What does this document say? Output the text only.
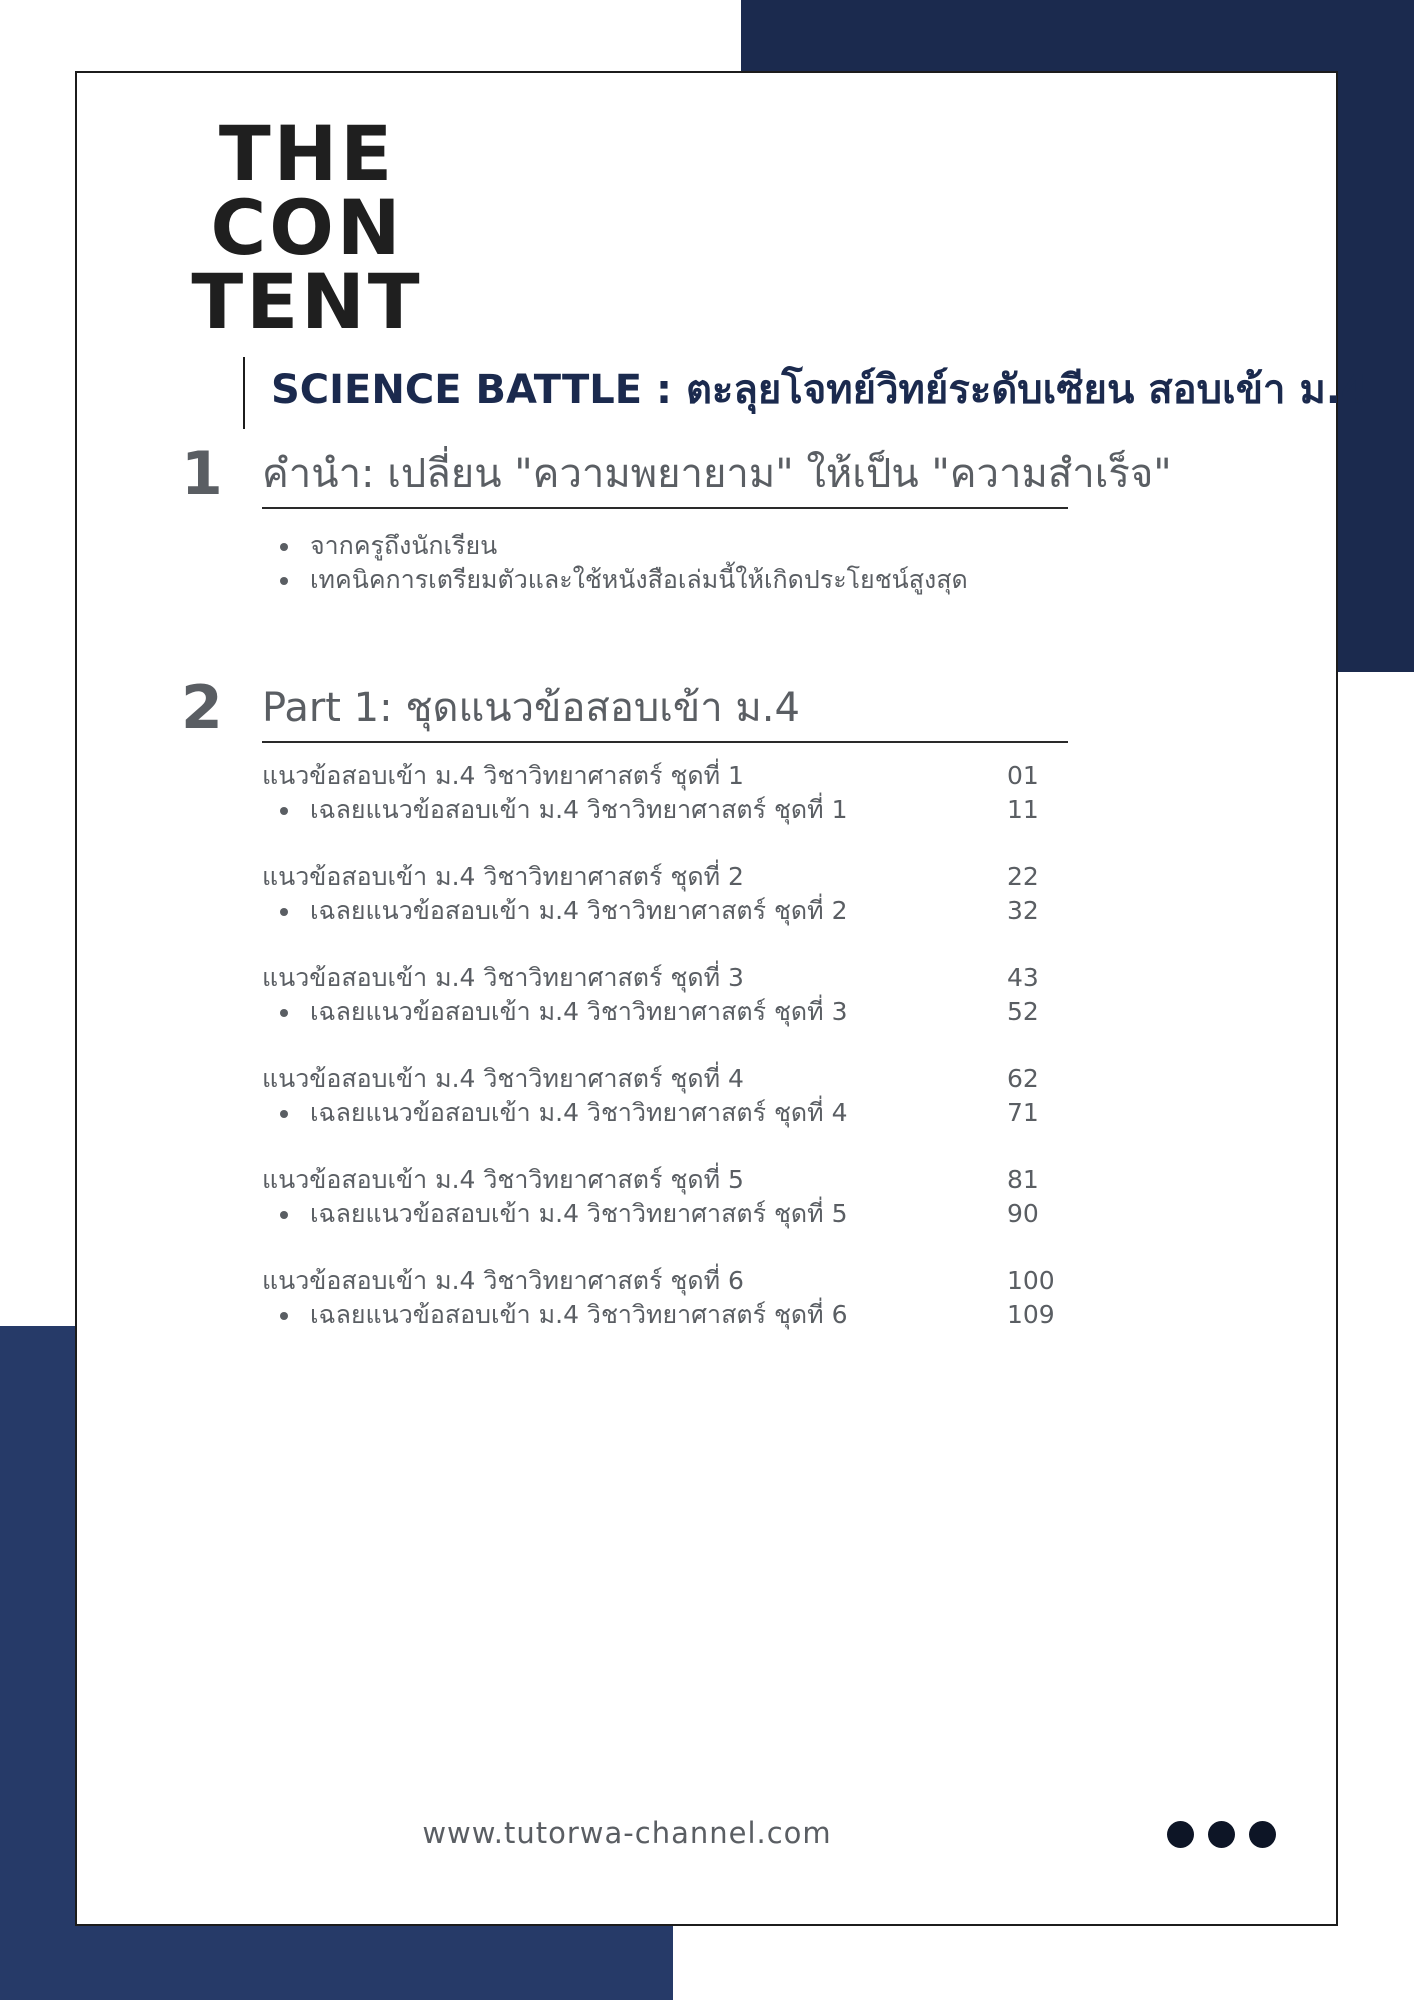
THE
CON
TENT
SCIENCE BATTLE : ตะลุยโจทย์วิทย์ระดับเซียน สอบเข้า ม.4
1 คำนำ: เปลี่ยน "ความพยายาม" ให้เป็น "ความสำเร็จ"
จากครูถึงนักเรียน
เทคนิคการเตรียมตัวและใช้หนังสือเล่มนี้ให้เกิดประโยชน์สูงสุด
2 Part 1: ชุดแนวข้อสอบเข้า ม.4
แนวข้อสอบเข้า ม.4 วิชาวิทยาศาสตร์ ชุดที่ 1	01
เฉลยแนวข้อสอบเข้า ม.4 วิชาวิทยาศาสตร์ ชุดที่ 1	11
แนวข้อสอบเข้า ม.4 วิชาวิทยาศาสตร์ ชุดที่ 2	22
เฉลยแนวข้อสอบเข้า ม.4 วิชาวิทยาศาสตร์ ชุดที่ 2	32
แนวข้อสอบเข้า ม.4 วิชาวิทยาศาสตร์ ชุดที่ 3	43
เฉลยแนวข้อสอบเข้า ม.4 วิชาวิทยาศาสตร์ ชุดที่ 3	52
แนวข้อสอบเข้า ม.4 วิชาวิทยาศาสตร์ ชุดที่ 4	62
เฉลยแนวข้อสอบเข้า ม.4 วิชาวิทยาศาสตร์ ชุดที่ 4	71
แนวข้อสอบเข้า ม.4 วิชาวิทยาศาสตร์ ชุดที่ 5	81
เฉลยแนวข้อสอบเข้า ม.4 วิชาวิทยาศาสตร์ ชุดที่ 5	90
แนวข้อสอบเข้า ม.4 วิชาวิทยาศาสตร์ ชุดที่ 6	100
เฉลยแนวข้อสอบเข้า ม.4 วิชาวิทยาศาสตร์ ชุดที่ 6	109
www.tutorwa-channel.com
